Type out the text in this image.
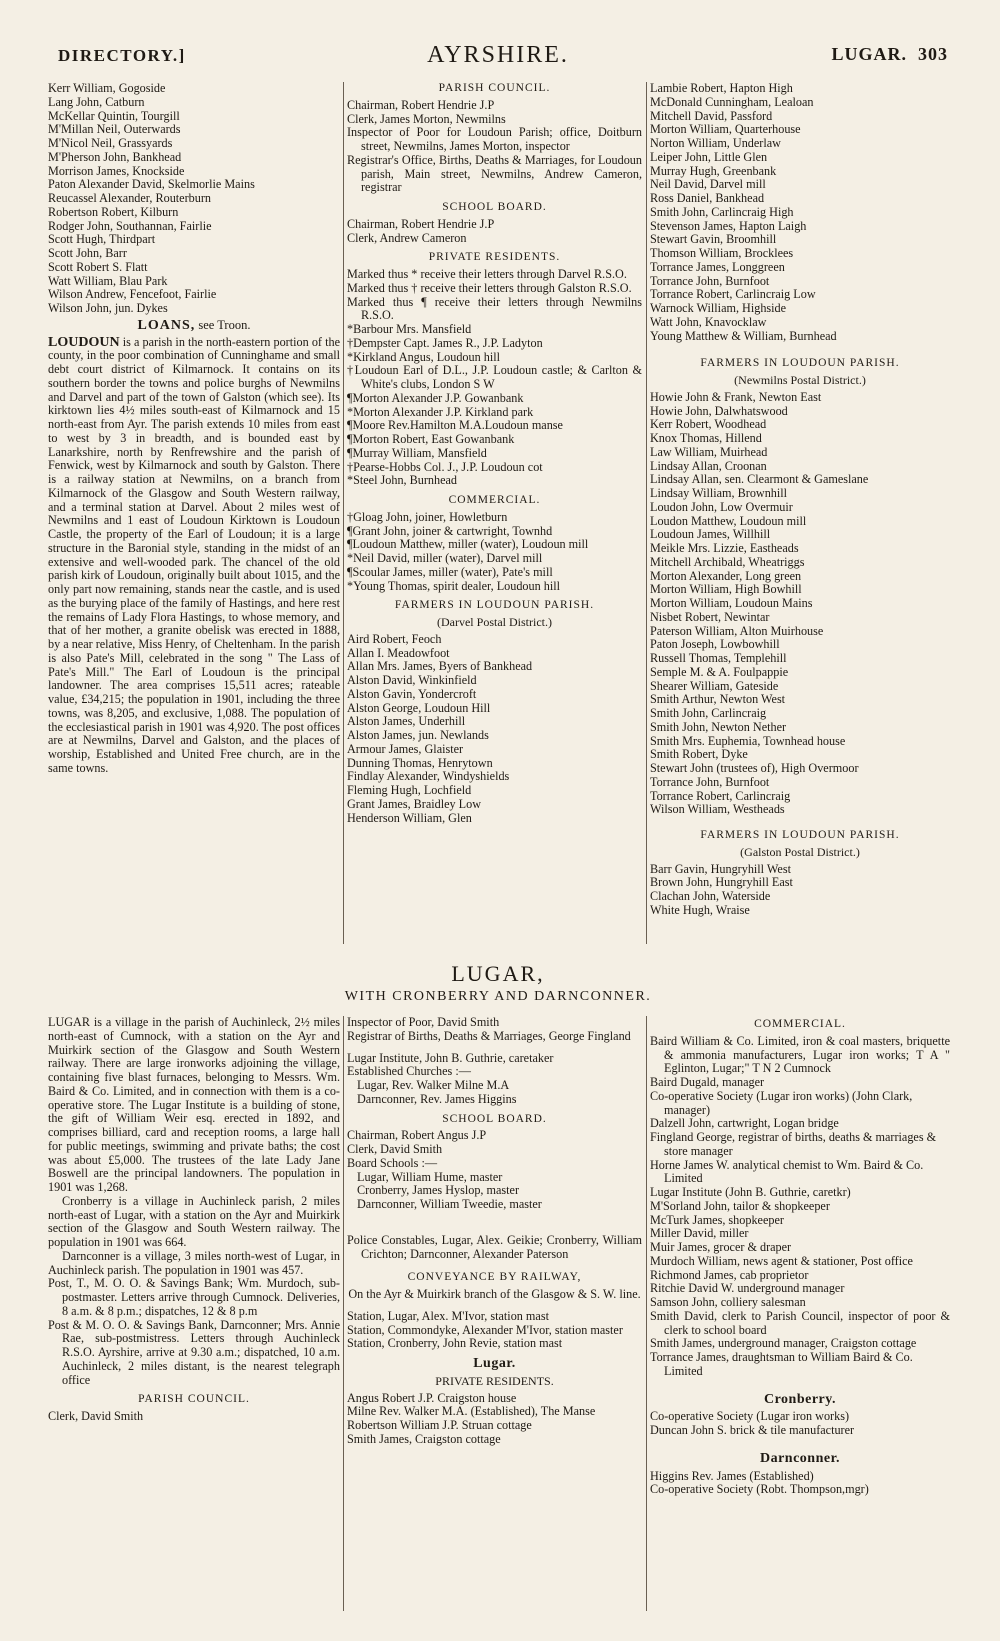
DIRECTORY.]	AYRSHIRE.	LUGAR. 303
Kerr William, Gogoside
Lang John, Catburn
McKellar Quintin, Tourgill
M'Millan Neil, Outerwards
M'Nicol Neil, Grassyards
M'Pherson John, Bankhead
Morrison James, Knockside
Paton Alexander David, Skelmorlie Mains
Reucassel Alexander, Routerburn
Robertson Robert, Kilburn
Rodger John, Southannan, Fairlie
Scott Hugh, Thirdpart
Scott John, Barr
Scott Robert S. Flatt
Watt William, Blau Park
Wilson Andrew, Fencefoot, Fairlie
Wilson John, jun. Dykes
LOANS, see Troon.
LOUDOUN is a parish in the north-eastern portion of the county, in the poor combination of Cunninghame and small debt court district of Kilmarnock. It contains on its southern border the towns and police burghs of Newmilns and Darvel and part of the town of Galston (which see). Its kirktown lies 4½ miles south-east of Kilmarnock and 15 north-east from Ayr. The parish extends 10 miles from east to west by 3 in breadth, and is bounded east by Lanarkshire, north by Renfrewshire and the parish of Fenwick, west by Kilmarnock and south by Galston. There is a railway station at Newmilns, on a branch from Kilmarnock of the Glasgow and South Western railway, and a terminal station at Darvel. About 2 miles west of Newmilns and 1 east of Loudoun Kirktown is Loudoun Castle, the property of the Earl of Loudoun; it is a large structure in the Baronial style, standing in the midst of an extensive and well-wooded park. The chancel of the old parish kirk of Loudoun, originally built about 1015, and the only part now remaining, stands near the castle, and is used as the burying place of the family of Hastings, and here rest the remains of Lady Flora Hastings, to whose memory, and that of her mother, a granite obelisk was erected in 1888, by a near relative, Miss Henry, of Cheltenham. In the parish is also Pate's Mill, celebrated in the song " The Lass of Pate's Mill." The Earl of Loudoun is the principal landowner. The area comprises 15,511 acres; rateable value, £34,215; the population in 1901, including the three towns, was 8,205, and exclusive, 1,088. The population of the ecclesiastical parish in 1901 was 4,920. The post offices are at Newmilns, Darvel and Galston, and the places of worship, Established and United Free church, are in the same towns.
PARISH COUNCIL.
Chairman, Robert Hendrie J.P
Clerk, James Morton, Newmilns
Inspector of Poor for Loudoun Parish; office, Doitburn street, Newmilns, James Morton, inspector
Registrar's Office, Births, Deaths & Marriages, for Loudoun parish, Main street, Newmilns, Andrew Cameron, registrar
SCHOOL BOARD.
Chairman, Robert Hendrie J.P
Clerk, Andrew Cameron
PRIVATE RESIDENTS.
Marked thus * receive their letters through Darvel R.S.O.
Marked thus † receive their letters through Galston R.S.O.
Marked thus ¶ receive their letters through Newmilns R.S.O.
*Barbour Mrs. Mansfield
†Dempster Capt. James R., J.P. Ladyton
*Kirkland Angus, Loudoun hill
†Loudoun Earl of D.L., J.P. Loudoun castle; & Carlton & White's clubs, London S W
¶Morton Alexander J.P. Gowanbank
*Morton Alexander J.P. Kirkland park
¶Moore Rev.Hamilton M.A.Loudoun manse
¶Morton Robert, East Gowanbank
¶Murray William, Mansfield
†Pearse-Hobbs Col. J., J.P. Loudoun cot
*Steel John, Burnhead
COMMERCIAL.
†Gloag John, joiner, Howletburn
¶Grant John, joiner & cartwright, Townhd
¶Loudoun Matthew, miller (water), Loudoun mill
*Neil David, miller (water), Darvel mill
¶Scoular James, miller (water), Pate's mill
*Young Thomas, spirit dealer, Loudoun hill
FARMERS IN LOUDOUN PARISH.
(Darvel Postal District.)
Aird Robert, Feoch
Allan I. Meadowfoot
Allan Mrs. James, Byers of Bankhead
Alston David, Winkinfield
Alston Gavin, Yondercroft
Alston George, Loudoun Hill
Alston James, Underhill
Alston James, jun. Newlands
Armour James, Glaister
Dunning Thomas, Henrytown
Findlay Alexander, Windyshields
Fleming Hugh, Lochfield
Grant James, Braidley Low
Henderson William, Glen
Lambie Robert, Hapton High
McDonald Cunningham, Lealoan
Mitchell David, Passford
Morton William, Quarterhouse
Norton William, Underlaw
Leiper John, Little Glen
Murray Hugh, Greenbank
Neil David, Darvel mill
Ross Daniel, Bankhead
Smith John, Carlincraig High
Stevenson James, Hapton Laigh
Stewart Gavin, Broomhill
Thomson William, Brocklees
Torrance James, Longgreen
Torrance John, Burnfoot
Torrance Robert, Carlincraig Low
Warnock William, Highside
Watt John, Knavocklaw
Young Matthew & William, Burnhead
FARMERS IN LOUDOUN PARISH.
(Newmilns Postal District.)
Howie John & Frank, Newton East
Howie John, Dalwhatswood
Kerr Robert, Woodhead
Knox Thomas, Hillend
Law William, Muirhead
Lindsay Allan, Croonan
Lindsay Allan, sen. Clearmont & Gameslane
Lindsay William, Brownhill
Loudon John, Low Overmuir
Loudon Matthew, Loudoun mill
Loudoun James, Willhill
Meikle Mrs. Lizzie, Eastheads
Mitchell Archibald, Wheatriggs
Morton Alexander, Long green
Morton William, High Bowhill
Morton William, Loudoun Mains
Nisbet Robert, Newintar
Paterson William, Alton Muirhouse
Paton Joseph, Lowbowhill
Russell Thomas, Templehill
Semple M. & A. Foulpappie
Shearer William, Gateside
Smith Arthur, Newton West
Smith John, Carlincraig
Smith John, Newton Nether
Smith Mrs. Euphemia, Townhead house
Smith Robert, Dyke
Stewart John (trustees of), High Overmoor
Torrance John, Burnfoot
Torrance Robert, Carlincraig
Wilson William, Westheads
FARMERS IN LOUDOUN PARISH.
(Galston Postal District.)
Barr Gavin, Hungryhill West
Brown John, Hungryhill East
Clachan John, Waterside
White Hugh, Wraise
LUGAR,
WITH CRONBERRY AND DARNCONNER.
LUGAR is a village in the parish of Auchinleck, 2½ miles north-east of Cumnock, with a station on the Ayr and Muirkirk section of the Glasgow and South Western railway. There are large ironworks adjoining the village, containing five blast furnaces, belonging to Messrs. Wm. Baird & Co. Limited, and in connection with them is a co-operative store. The Lugar Institute is a building of stone, the gift of William Weir esq. erected in 1892, and comprises billiard, card and reception rooms, a large hall for public meetings, swimming and private baths; the cost was about £5,000. The trustees of the late Lady Jane Boswell are the principal landowners. The population in 1901 was 1,268.
Cronberry is a village in Auchinleck parish, 2 miles north-east of Lugar, with a station on the Ayr and Muirkirk section of the Glasgow and South Western railway. The population in 1901 was 664.
Darnconner is a village, 3 miles north-west of Lugar, in Auchinleck parish. The population in 1901 was 457.
Post, T., M. O. O. & Savings Bank; Wm. Murdoch, sub-postmaster. Letters arrive through Cumnock. Deliveries, 8 a.m. & 8 p.m.; dispatches, 12 & 8 p.m
Post & M. O. O. & Savings Bank, Darnconner; Mrs. Annie Rae, sub-postmistress. Letters through Auchinleck R.S.O. Ayrshire, arrive at 9.30 a.m.; dispatched, 10 a.m. Auchinleck, 2 miles distant, is the nearest telegraph office
PARISH COUNCIL.
Clerk, David Smith
Inspector of Poor, David Smith
Registrar of Births, Deaths & Marriages, George Fingland
Lugar Institute, John B. Guthrie, caretaker
Established Churches :—
Lugar, Rev. Walker Milne M.A
Darnconner, Rev. James Higgins
SCHOOL BOARD.
Chairman, Robert Angus J.P
Clerk, David Smith
Board Schools :—
Lugar, William Hume, master
Cronberry, James Hyslop, master
Darnconner, William Tweedie, master
Police Constables, Lugar, Alex. Geikie; Cronberry, William Crichton; Darnconner, Alexander Paterson
CONVEYANCE BY RAILWAY,
On the Ayr & Muirkirk branch of the Glasgow & S. W. line.
Station, Lugar, Alex. M'Ivor, station mast
Station, Commondyke, Alexander M'Ivor, station master
Station, Cronberry, John Revie, station mast
Lugar.
PRIVATE RESIDENTS.
Angus Robert J.P. Craigston house
Milne Rev. Walker M.A. (Established), The Manse
Robertson William J.P. Struan cottage
Smith James, Craigston cottage
COMMERCIAL.
Baird William & Co. Limited, iron & coal masters, briquette & ammonia manufacturers, Lugar iron works; T A " Eglinton, Lugar;" T N 2 Cumnock
Baird Dugald, manager
Co-operative Society (Lugar iron works) (John Clark, manager)
Dalzell John, cartwright, Logan bridge
Fingland George, registrar of births, deaths & marriages & store manager
Horne James W. analytical chemist to Wm. Baird & Co. Limited
Lugar Institute (John B. Guthrie, caretkr)
M'Sorland John, tailor & shopkeeper
McTurk James, shopkeeper
Miller David, miller
Muir James, grocer & draper
Murdoch William, news agent & stationer, Post office
Richmond James, cab proprietor
Ritchie David W. underground manager
Samson John, colliery salesman
Smith David, clerk to Parish Council, inspector of poor & clerk to school board
Smith James, underground manager, Craigston cottage
Torrance James, draughtsman to William Baird & Co. Limited
Cronberry.
Co-operative Society (Lugar iron works)
Duncan John S. brick & tile manufacturer
Darnconner.
Higgins Rev. James (Established)
Co-operative Society (Robt. Thompson,mgr)
